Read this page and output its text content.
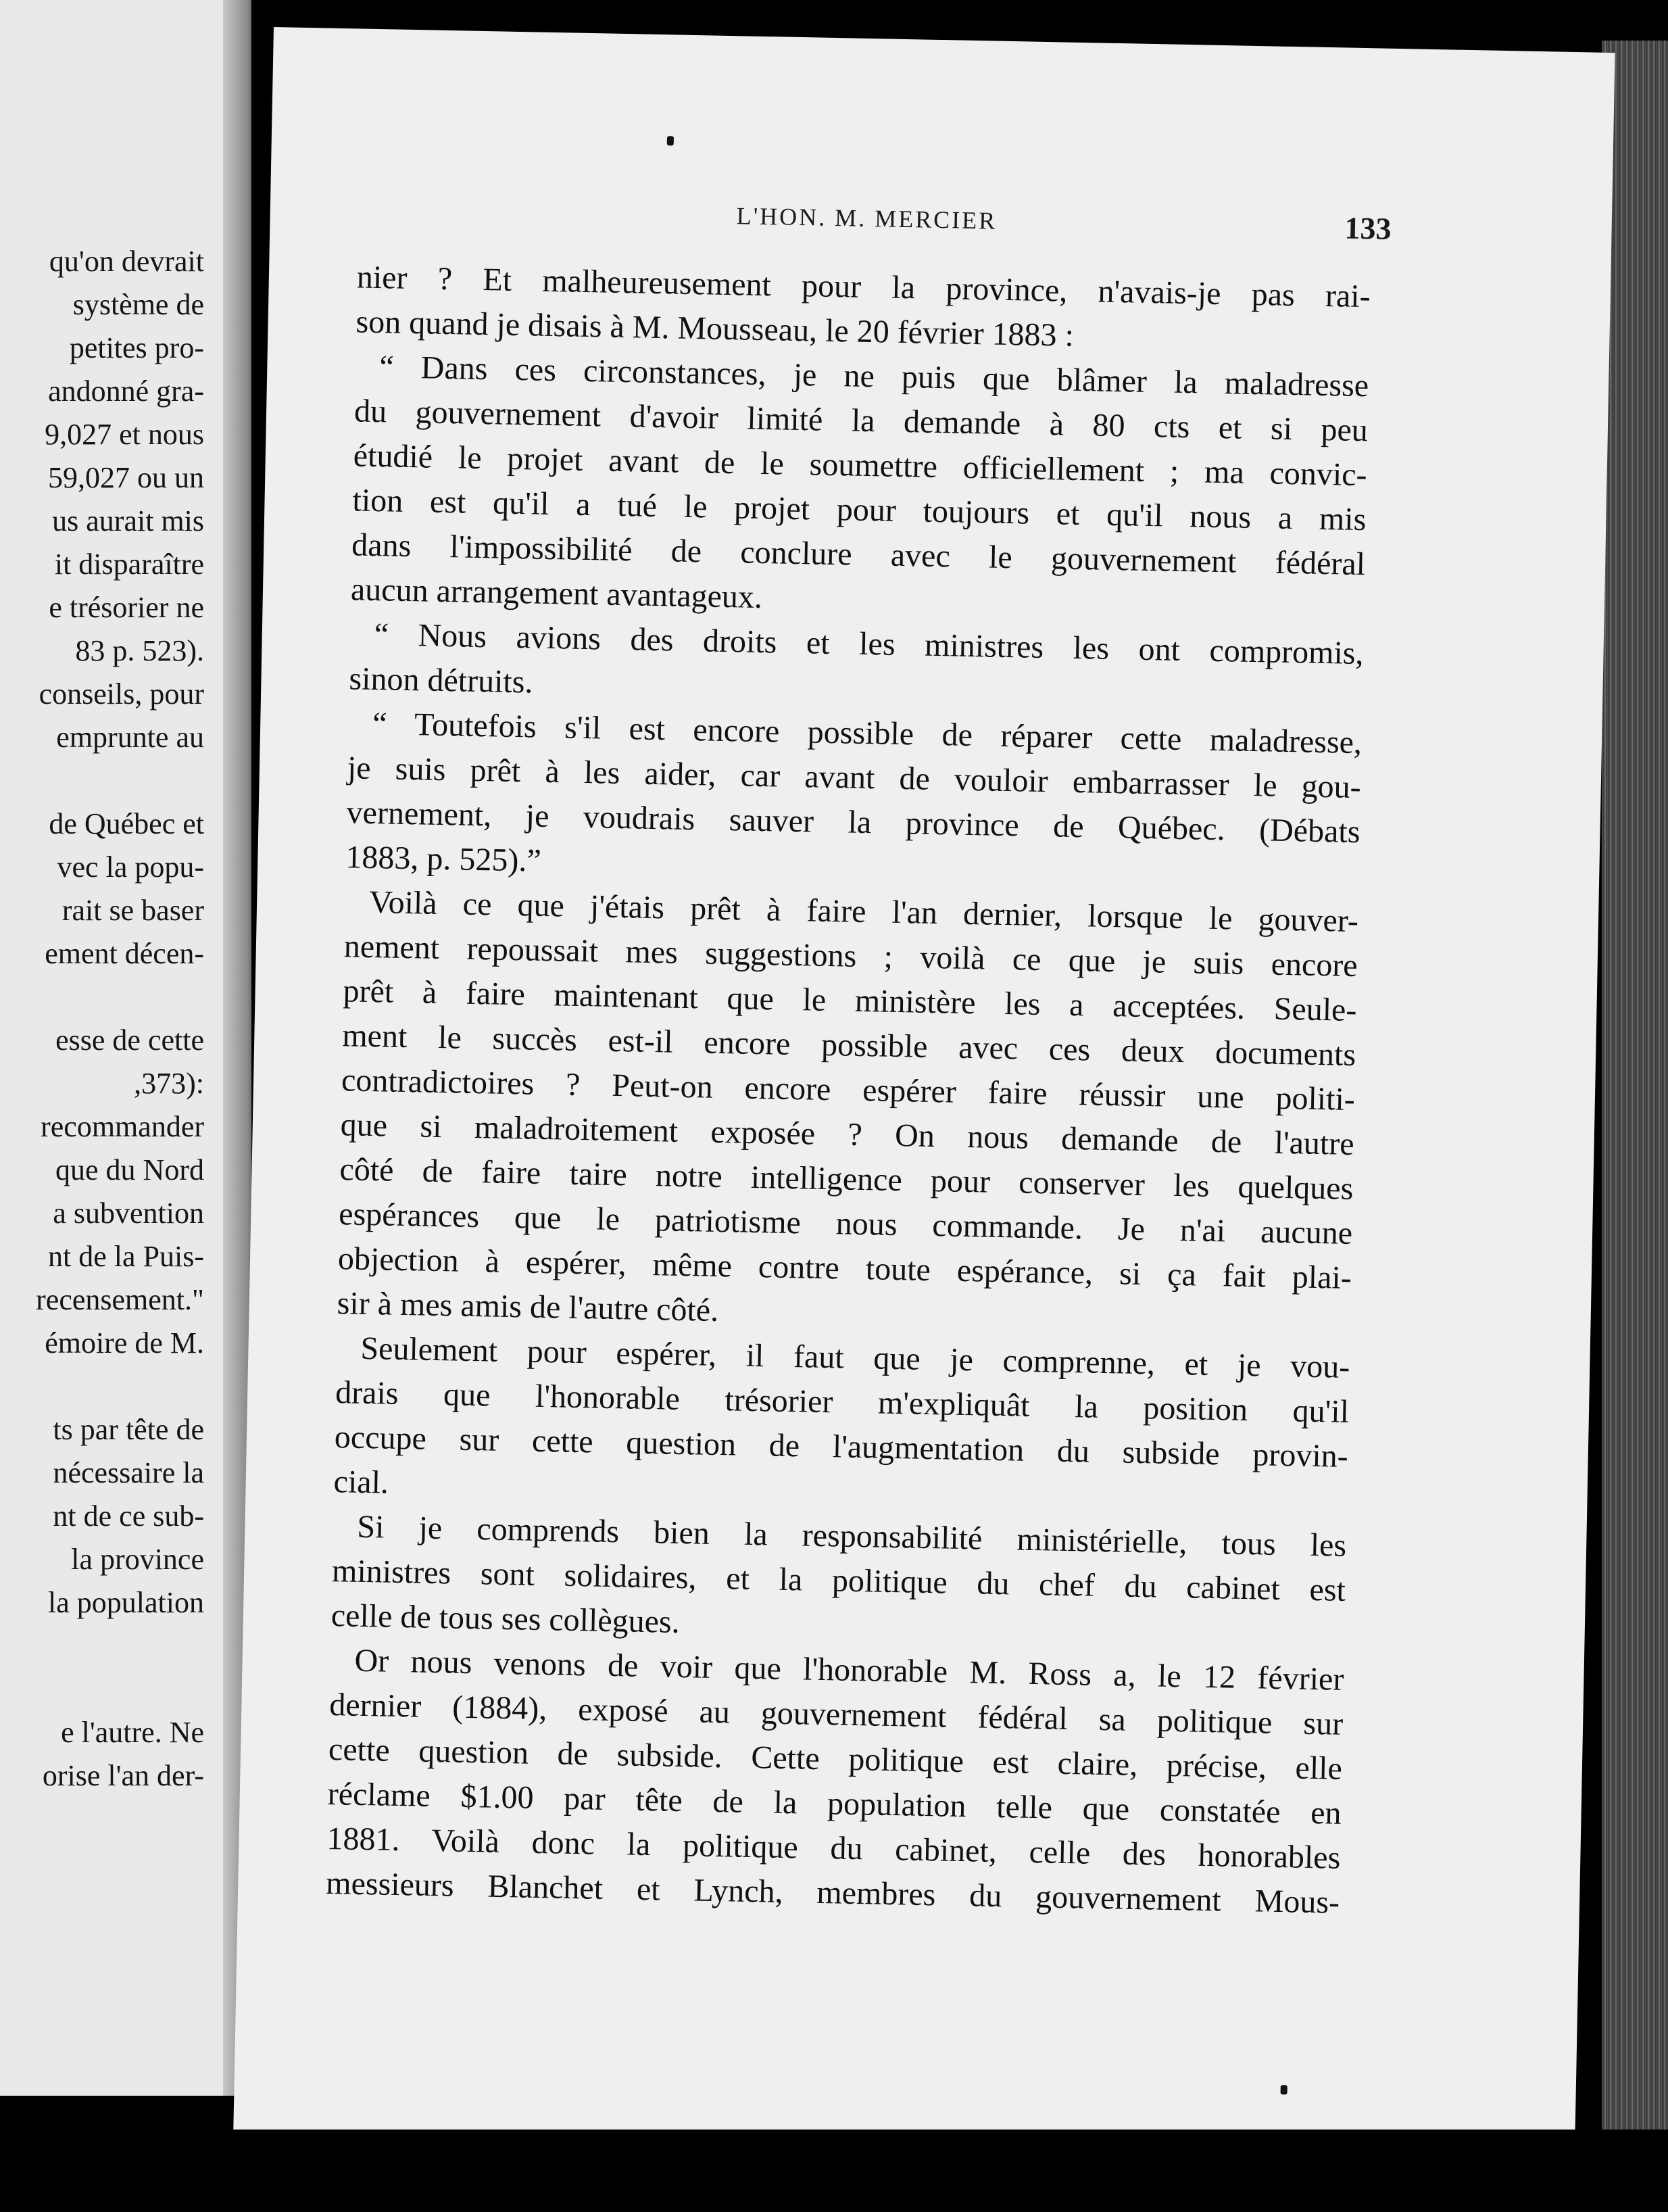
qu'on devrait
système de
petites pro-
andonné gra-
9,027 et nous
59,027 ou un
us aurait mis
it disparaître
e trésorier ne
83 p. 523).
conseils, pour
emprunte au
de Québec et
vec la popu-
rait se baser
ement décen-
esse de cette
,373):
recommander
que du Nord
a subvention
nt de la Puis-
recensement."
émoire de M.
ts par tête de
nécessaire la
nt de ce sub-
la province
la population
e l'autre. Ne
orise l'an der-
L'HON. M. MERCIER	133
nier ? Et malheureusement pour la province, n'avais-je pas rai-
son quand je disais à M. Mousseau, le 20 février 1883 :
“ Dans ces circonstances, je ne puis que blâmer la maladresse
du gouvernement d'avoir limité la demande à 80 cts et si peu
étudié le projet avant de le soumettre officiellement ; ma convic-
tion est qu'il a tué le projet pour toujours et qu'il nous a mis
dans l'impossibilité de conclure avec le gouvernement fédéral
aucun arrangement avantageux.
“ Nous avions des droits et les ministres les ont compromis,
sinon détruits.
“ Toutefois s'il est encore possible de réparer cette maladresse,
je suis prêt à les aider, car avant de vouloir embarrasser le gou-
vernement, je voudrais sauver la province de Québec. (Débats
1883, p. 525).”
Voilà ce que j'étais prêt à faire l'an dernier, lorsque le gouver-
nement repoussait mes suggestions ; voilà ce que je suis encore
prêt à faire maintenant que le ministère les a acceptées. Seule-
ment le succès est-il encore possible avec ces deux documents
contradictoires ? Peut-on encore espérer faire réussir une politi-
que si maladroitement exposée ? On nous demande de l'autre
côté de faire taire notre intelligence pour conserver les quelques
espérances que le patriotisme nous commande. Je n'ai aucune
objection à espérer, même contre toute espérance, si ça fait plai-
sir à mes amis de l'autre côté.
Seulement pour espérer, il faut que je comprenne, et je vou-
drais que l'honorable trésorier m'expliquât la position qu'il
occupe sur cette question de l'augmentation du subside provin-
cial.
Si je comprends bien la responsabilité ministérielle, tous les
ministres sont solidaires, et la politique du chef du cabinet est
celle de tous ses collègues.
Or nous venons de voir que l'honorable M. Ross a, le 12 février
dernier (1884), exposé au gouvernement fédéral sa politique sur
cette question de subside. Cette politique est claire, précise, elle
réclame $1.00 par tête de la population telle que constatée en
1881. Voilà donc la politique du cabinet, celle des honorables
messieurs Blanchet et Lynch, membres du gouvernement Mous-
